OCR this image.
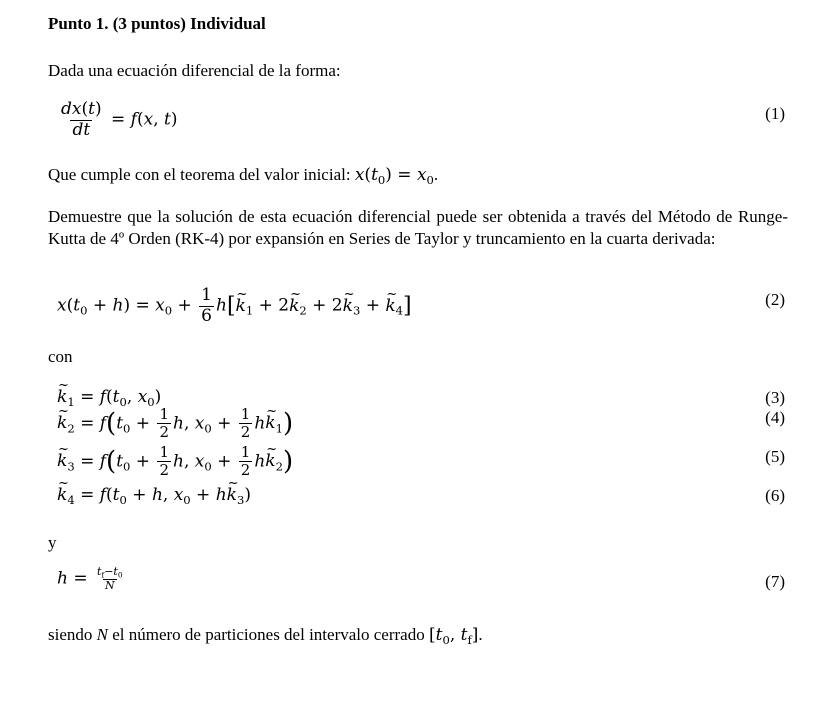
Punto 1. (3 puntos) Individual
Dada una ecuación diferencial de la forma:
$\frac{dx(t)}{dt} = f(x$, t)	(1)
Que cumple con el teorema del valor inicial: $x(t_0) = x_0$.
Demuestre que la solución de esta ecuación diferencial puede ser obtenida a través del Método de Runge-Kutta de 4º Orden (RK-4) por expansión en Series de Taylor y truncamiento en la cuarta derivada:
$x(t_0 + h) = x_0 + \frac{1}{6}$ h[~ $k_1$ + 2~ $k_2$ + 2~ $k_3$ + ~ $k_4$]	(2)
con
~ $k_1 = f(t_0$, $x_0$)	(3)
~ $k_2 = f(t_0 + \frac{1}{2} h$, $x_0 + \frac{1}{2}$ h~ $k_1$)	(4)
~ $k_3 = f(t_0 + \frac{1}{2} h$, $x_0 + \frac{1}{2}$ h~ $k_2$)	(5)
~ $k_4 = f(t_0 + h$, $x_0$ + h~ $k_3$)	(6)
y
$h = \frac{t_f-t_0}{N}$	(7)
siendo N el número de particiones del intervalo cerrado [$t_0$, $t_f$].
